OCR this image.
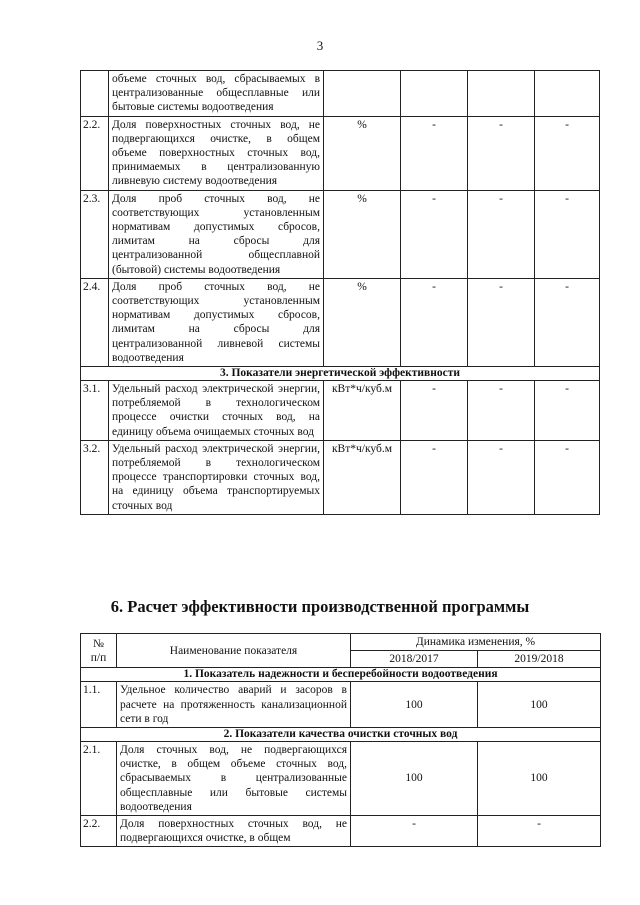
3
	объеме сточных вод, сбрасываемых в централизованные общесплавные или бытовые системы водоотведения				
2.2.	Доля поверхностных сточных вод, не подвергающихся очистке, в общем объеме поверхностных сточных вод, принимаемых в централизованную ливневую систему водоотведения	%	-	-	-
2.3.	Доля проб сточных вод, не соответствующих установленным нормативам допустимых сбросов, лимитам на сбросы для централизованной общесплавной (бытовой) системы водоотведения	%	-	-	-
2.4.	Доля проб сточных вод, не соответствующих установленным нормативам допустимых сбросов, лимитам на сбросы для централизованной ливневой системы водоотведения	%	-	-	-
3. Показатели энергетической эффективности					
3.1.	Удельный расход электрической энергии, потребляемой в технологическом процессе очистки сточных вод, на единицу объема очищаемых сточных вод	кВт*ч/куб.м	-	-	-
3.2.	Удельный расход электрической энергии, потребляемой в технологическом процессе транспортировки сточных вод, на единицу объема транспортируемых сточных вод	кВт*ч/куб.м	-	-	-
6. Расчет эффективности производственной программы
№
п/п	Наименование показателя	Динамика изменения, %	
		2018/2017	2019/2018
1. Показатель надежности и бесперебойности водоотведения			
1.1.	Удельное количество аварий и засоров в расчете на протяженность канализационной сети в год	100	100
2. Показатели качества очистки сточных вод			
2.1.	Доля сточных вод, не подвергающихся очистке, в общем объеме сточных вод, сбрасываемых в централизованные общесплавные или бытовые системы водоотведения	100	100
2.2.	Доля поверхностных сточных вод, не подвергающихся очистке, в общем	-	-
